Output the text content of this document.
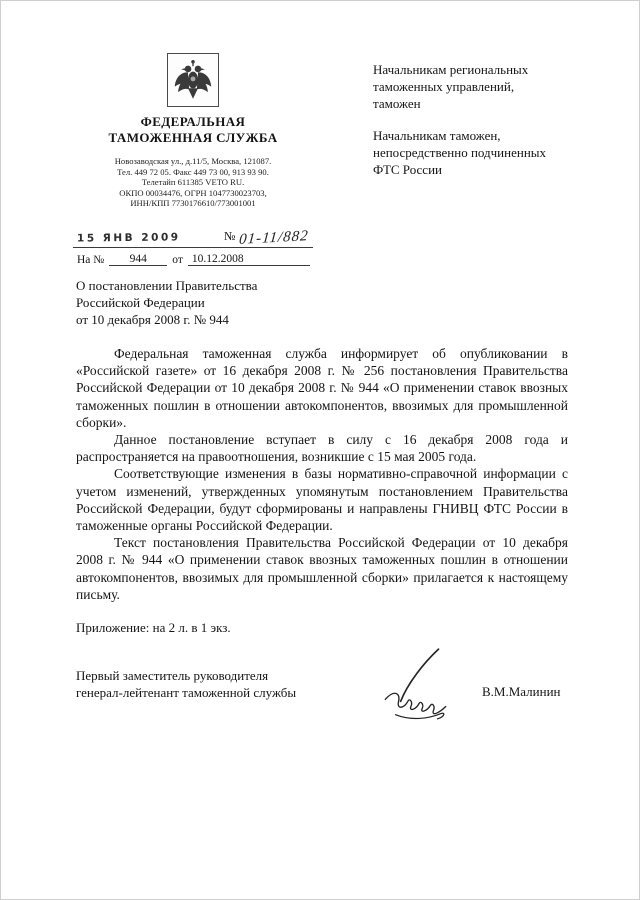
ФЕДЕРАЛЬНАЯ
ТАМОЖЕННАЯ СЛУЖБА
Новозаводская ул., д.11/5, Москва, 121087.
Тел. 449 72 05. Факс 449 73 00, 913 93 90.
Телетайп 611385 VETO RU.
ОКПО 00034476, ОГРН 1047730023703,
ИНН/КПП 7730176610/773001001
15 ЯНВ 2009	№ 01-11/882
На №	944	от 10.12.2008
Начальникам региональных
таможенных управлений,
таможен
Начальникам таможен,
непосредственно подчиненных
ФТС России
О постановлении Правительства
Российской Федерации
от 10 декабря 2008 г. № 944

Федеральная таможенная служба информирует об опубликовании в «Российской газете» от 16 декабря 2008 г. № 256 постановления Правительства Российской Федерации от 10 декабря 2008 г. № 944 «О применении ставок ввозных таможенных пошлин в отношении автокомпонентов, ввозимых для промышленной сборки».

Данное постановление вступает в силу с 16 декабря 2008 года и распространяется на правоотношения, возникшие с 15 мая 2005 года.

Соответствующие изменения в базы нормативно-справочной информации с учетом изменений, утвержденных упомянутым постановлением Правительства Российской Федерации, будут сформированы и направлены ГНИВЦ ФТС России в таможенные органы Российской Федерации.

Текст постановления Правительства Российской Федерации от 10 декабря 2008 г. № 944 «О применении ставок ввозных таможенных пошлин в отношении автокомпонентов, ввозимых для промышленной сборки» прилагается к настоящему письму.

Приложение: на 2 л. в 1 экз.
Первый заместитель руководителя
генерал-лейтенант таможенной службы	В.М.Малинин
